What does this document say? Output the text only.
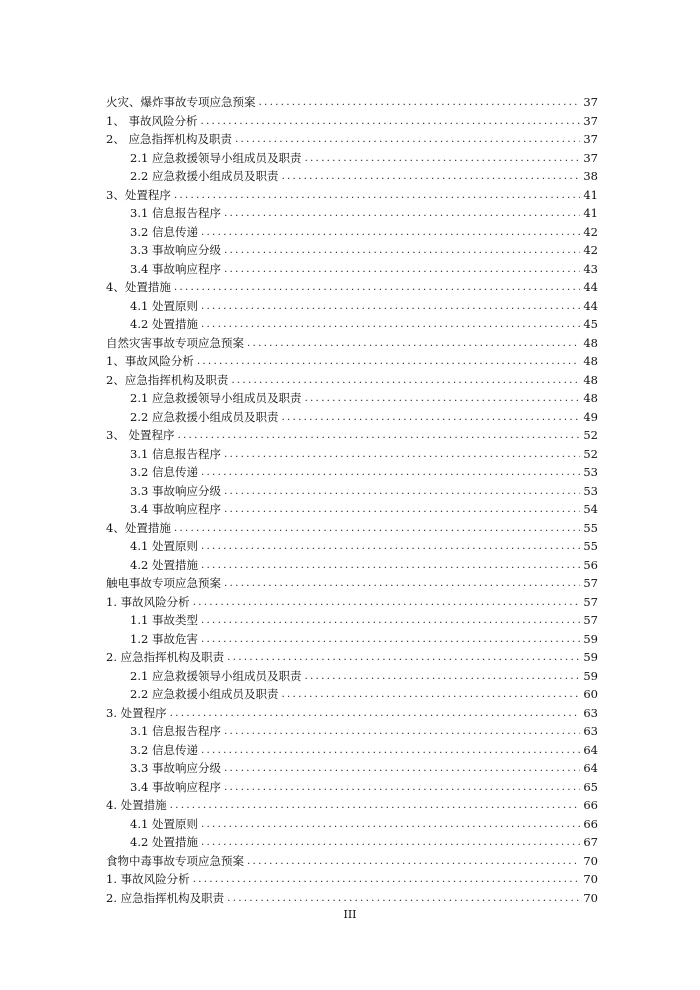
火灾、爆炸事故专项应急预案 .....	37
1、 事故风险分析 .....	37
2、 应急指挥机构及职责 .....	37
2.1 应急救援领导小组成员及职责 .....	37
2.2 应急救援小组成员及职责 .....	38
3、处置程序 .....	41
3.1 信息报告程序 .....	41
3.2 信息传递 .....	42
3.3 事故响应分级 .....	42
3.4 事故响应程序 .....	43
4、处置措施 .....	44
4.1 处置原则 .....	44
4.2 处置措施 .....	45
自然灾害事故专项应急预案 .....	48
1、事故风险分析 .....	48
2、应急指挥机构及职责 .....	48
2.1 应急救援领导小组成员及职责 .....	48
2.2 应急救援小组成员及职责 .....	49
3、 处置程序 .....	52
3.1 信息报告程序 .....	52
3.2 信息传递 .....	53
3.3 事故响应分级 .....	53
3.4 事故响应程序 .....	54
4、处置措施 .....	55
4.1 处置原则 .....	55
4.2 处置措施 .....	56
触电事故专项应急预案 .....	57
1. 事故风险分析 .....	57
1.1 事故类型 .....	57
1.2 事故危害 .....	59
2. 应急指挥机构及职责 .....	59
2.1 应急救援领导小组成员及职责 .....	59
2.2 应急救援小组成员及职责 .....	60
3. 处置程序 .....	63
3.1 信息报告程序 .....	63
3.2 信息传递 .....	64
3.3 事故响应分级 .....	64
3.4 事故响应程序 .....	65
4. 处置措施 .....	66
4.1 处置原则 .....	66
4.2 处置措施 .....	67
食物中毒事故专项应急预案 .....	70
1. 事故风险分析 .....	70
2. 应急指挥机构及职责 .....	70
III
